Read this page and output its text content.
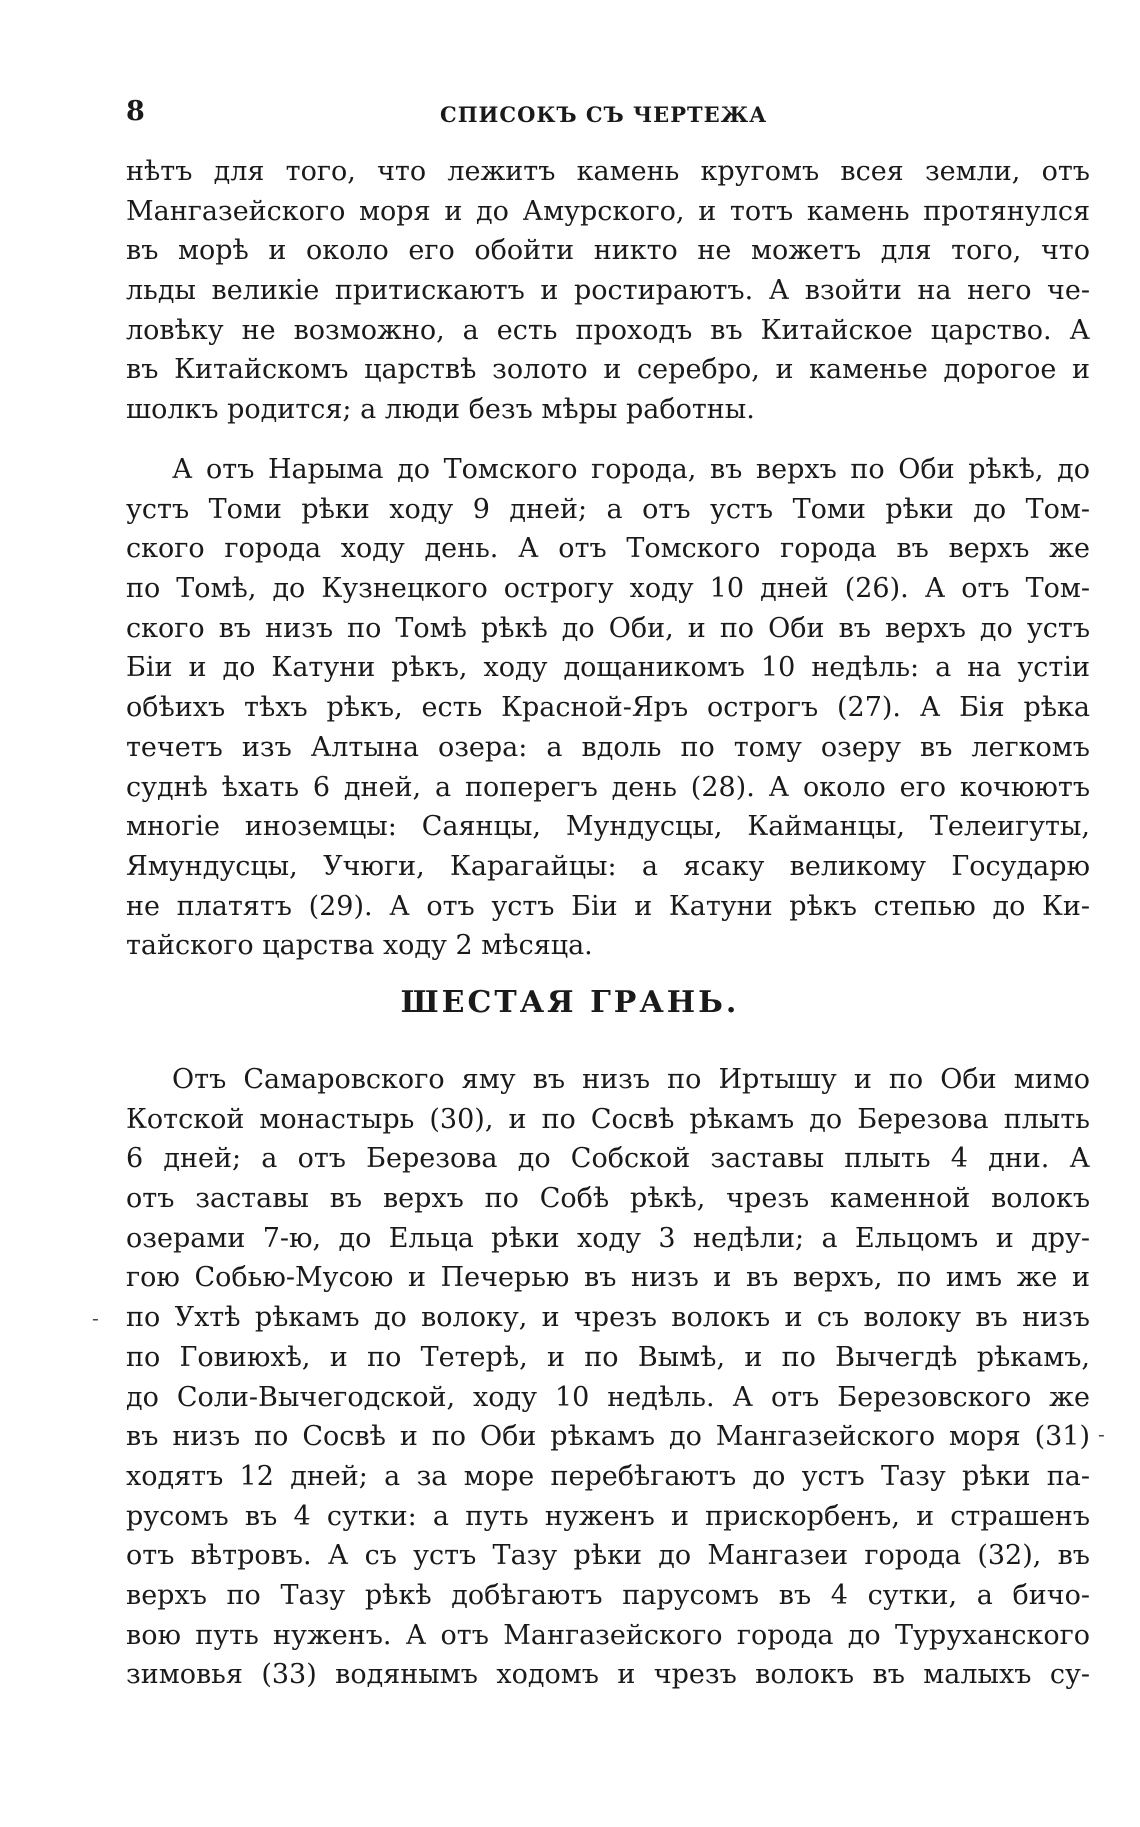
8	СПИСОКЪ СЪ ЧЕРТЕЖА
нѣтъ для того, что лежитъ камень кругомъ всея земли, отъ
Мангазейского моря и до Амурского, и тотъ камень протянулся
въ морѣ и около его обойти никто не можетъ для того, что
льды великіе притискаютъ и ростираютъ. А взойти на него че-
ловѣку не возможно, а есть проходъ въ Китайское царство. А
въ Китайскомъ царствѣ золото и серебро, и каменье дорогое и
шолкъ родится; а люди безъ мѣры работны.
А отъ Нарыма до Томского города, въ верхъ по Оби рѣкѣ, до
устъ Томи рѣки ходу 9 дней; а отъ устъ Томи рѣки до Том-
ского города ходу день. А отъ Томского города въ верхъ же
по Томѣ, до Кузнецкого острогу ходу 10 дней (26). А отъ Том-
ского въ низъ по Томѣ рѣкѣ до Оби, и по Оби въ верхъ до устъ
Біи и до Катуни рѣкъ, ходу дощаникомъ 10 недѣль: а на устіи
обѣихъ тѣхъ рѣкъ, есть Красной-Яръ острогъ (27). А Бія рѣка
течетъ изъ Алтына озера: а вдоль по тому озеру въ легкомъ
суднѣ ѣхать 6 дней, а поперегъ день (28). А около его кочюютъ
многіе иноземцы: Саянцы, Мундусцы, Кайманцы, Телеигуты,
Ямундусцы, Учюги, Карагайцы: а ясаку великому Государю
не платятъ (29). А отъ устъ Біи и Катуни рѣкъ степью до Ки-
тайского царства ходу 2 мѣсяца.
ШЕСТАЯ ГРАНЬ.
Отъ Самаровского яму въ низъ по Иртышу и по Оби мимо
Котской монастырь (30), и по Сосвѣ рѣкамъ до Березова плыть
6 дней; а отъ Березова до Собской заставы плыть 4 дни. А
отъ заставы въ верхъ по Собѣ рѣкѣ, чрезъ каменной волокъ
озерами 7-ю, до Ельца рѣки ходу 3 недѣли; а Ельцомъ и дру-
гою Собью-Мусою и Печерью въ низъ и въ верхъ, по имъ же и
по Ухтѣ рѣкамъ до волоку, и чрезъ волокъ и съ волоку въ низъ
по Говиюхѣ, и по Тетерѣ, и по Вымѣ, и по Вычегдѣ рѣкамъ,
до Соли-Вычегодской, ходу 10 недѣль. А отъ Березовского же
въ низъ по Сосвѣ и по Оби рѣкамъ до Мангазейского моря (31)
ходятъ 12 дней; а за море перебѣгаютъ до устъ Тазу рѣки па-
русомъ въ 4 сутки: а путь нуженъ и прискорбенъ, и страшенъ
отъ вѣтровъ. А съ устъ Тазу рѣки до Мангазеи города (32), въ
верхъ по Тазу рѣкѣ добѣгаютъ парусомъ въ 4 сутки, а бичо-
вою путь нуженъ. А отъ Мангазейского города до Туруханского
зимовья (33) водянымъ ходомъ и чрезъ волокъ въ малыхъ су-
-
-
